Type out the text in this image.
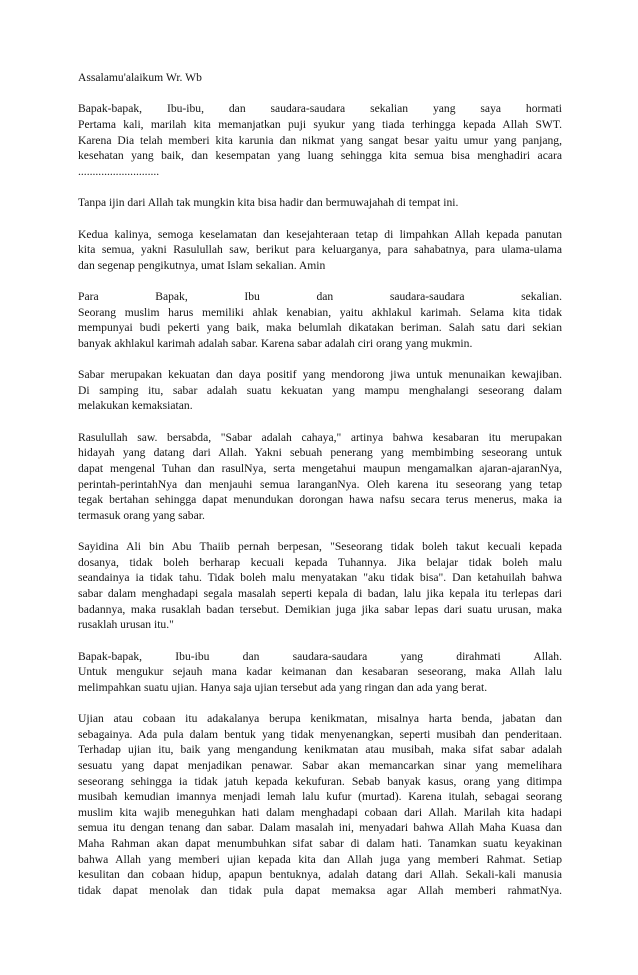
Assalamu'alaikum Wr. Wb

Bapak-bapak, Ibu-ibu, dan saudara-saudara sekalian yang saya hormati
Pertama kali, marilah kita memanjatkan puji syukur yang tiada terhingga kepada Allah SWT.
Karena Dia telah memberi kita karunia dan nikmat yang sangat besar yaitu umur yang panjang,
kesehatan yang baik, dan kesempatan yang luang sehingga kita semua bisa menghadiri acara
............................

Tanpa ijin dari Allah tak mungkin kita bisa hadir dan bermuwajahah di tempat ini.

Kedua kalinya, semoga keselamatan dan kesejahteraan tetap di limpahkan Allah kepada panutan
kita semua, yakni Rasulullah saw, berikut para keluarganya, para sahabatnya, para ulama-ulama
dan segenap pengikutnya, umat Islam sekalian. Amin

Para Bapak, Ibu dan saudara-saudara sekalian.
Seorang muslim harus memiliki ahlak kenabian, yaitu akhlakul karimah. Selama kita tidak
mempunyai budi pekerti yang baik, maka belumlah dikatakan beriman. Salah satu dari sekian
banyak akhlakul karimah adalah sabar. Karena sabar adalah ciri orang yang mukmin.

Sabar merupakan kekuatan dan daya positif yang mendorong jiwa untuk menunaikan kewajiban.
Di samping itu, sabar adalah suatu kekuatan yang mampu menghalangi seseorang dalam
melakukan kemaksiatan.

Rasulullah saw. bersabda, "Sabar adalah cahaya," artinya bahwa kesabaran itu merupakan
hidayah yang datang dari Allah. Yakni sebuah penerang yang membimbing seseorang untuk
dapat mengenal Tuhan dan rasulNya, serta mengetahui maupun mengamalkan ajaran-ajaranNya,
perintah-perintahNya dan menjauhi semua laranganNya. Oleh karena itu seseorang yang tetap
tegak bertahan sehingga dapat menundukan dorongan hawa nafsu secara terus menerus, maka ia
termasuk orang yang sabar.

Sayidina Ali bin Abu Thaiib pernah berpesan, "Seseorang tidak boleh takut kecuali kepada
dosanya, tidak boleh berharap kecuali kepada Tuhannya. Jika belajar tidak boleh malu
seandainya ia tidak tahu. Tidak boleh malu menyatakan "aku tidak bisa". Dan ketahuilah bahwa
sabar dalam menghadapi segala masalah seperti kepala di badan, lalu jika kepala itu terlepas dari
badannya, maka rusaklah badan tersebut. Demikian juga jika sabar lepas dari suatu urusan, maka
rusaklah urusan itu."

Bapak-bapak, Ibu-ibu dan saudara-saudara yang dirahmati Allah.
Untuk mengukur sejauh mana kadar keimanan dan kesabaran seseorang, maka Allah lalu
melimpahkan suatu ujian. Hanya saja ujian tersebut ada yang ringan dan ada yang berat.

Ujian atau cobaan itu adakalanya berupa kenikmatan, misalnya harta benda, jabatan dan
sebagainya. Ada pula dalam bentuk yang tidak menyenangkan, seperti musibah dan penderitaan.
Terhadap ujian itu, baik yang mengandung kenikmatan atau musibah, maka sifat sabar adalah
sesuatu yang dapat menjadikan penawar. Sabar akan memancarkan sinar yang memelihara
seseorang sehingga ia tidak jatuh kepada kekufuran. Sebab banyak kasus, orang yang ditimpa
musibah kemudian imannya menjadi lemah lalu kufur (murtad). Karena itulah, sebagai seorang
muslim kita wajib meneguhkan hati dalam menghadapi cobaan dari Allah. Marilah kita hadapi
semua itu dengan tenang dan sabar. Dalam masalah ini, menyadari bahwa Allah Maha Kuasa dan
Maha Rahman akan dapat menumbuhkan sifat sabar di dalam hati. Tanamkan suatu keyakinan
bahwa Allah yang memberi ujian kepada kita dan Allah juga yang memberi Rahmat. Setiap
kesulitan dan cobaan hidup, apapun bentuknya, adalah datang dari Allah. Sekali-kali manusia
tidak dapat menolak dan tidak pula dapat memaksa agar Allah memberi rahmatNya.
